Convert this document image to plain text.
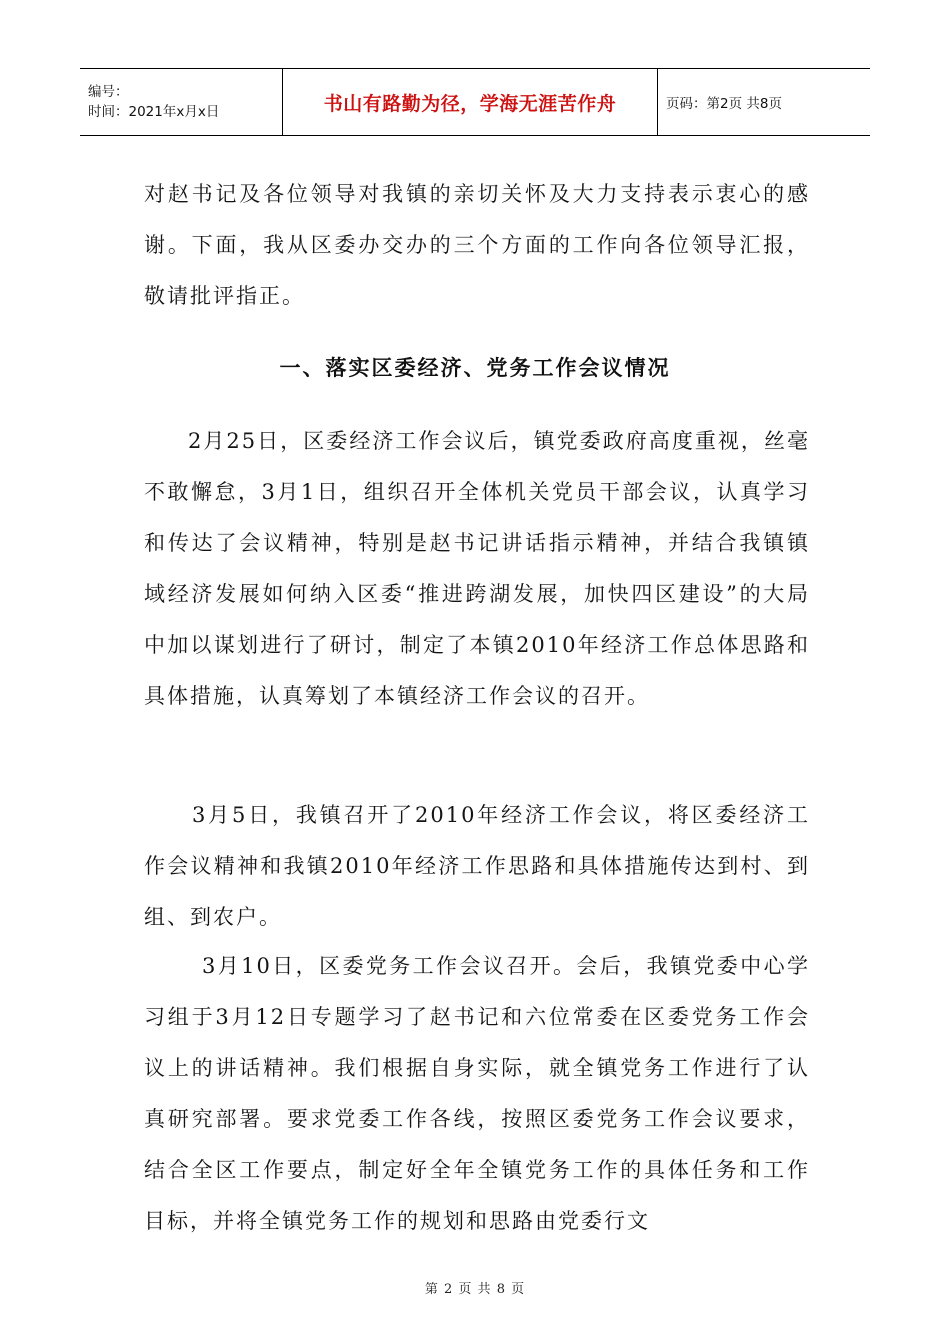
编号：
时间：2021年x月x日	书山有路勤为径，学海无涯苦作舟	页码：第2页 共8页

对赵书记及各位领导对我镇的亲切关怀及大力支持表示衷心的感谢。下面，我从区委办交办的三个方面的工作向各位领导汇报，敬请批评指正。

一、落实区委经济、党务工作会议情况

2月25日，区委经济工作会议后，镇党委政府高度重视，丝毫不敢懈怠，3月1日，组织召开全体机关党员干部会议，认真学习和传达了会议精神，特别是赵书记讲话指示精神，并结合我镇镇域经济发展如何纳入区委“推进跨湖发展，加快四区建设”的大局中加以谋划进行了研讨，制定了本镇2010年经济工作总体思路和具体措施，认真筹划了本镇经济工作会议的召开。

3月5日，我镇召开了2010年经济工作会议，将区委经济工作会议精神和我镇2010年经济工作思路和具体措施传达到村、到组、到农户。

3月10日，区委党务工作会议召开。会后，我镇党委中心学习组于3月12日专题学习了赵书记和六位常委在区委党务工作会议上的讲话精神。我们根据自身实际，就全镇党务工作进行了认真研究部署。要求党委工作各线，按照区委党务工作会议要求，结合全区工作要点，制定好全年全镇党务工作的具体任务和工作目标，并将全镇党务工作的规划和思路由党委行文

第 2 页 共 8 页
